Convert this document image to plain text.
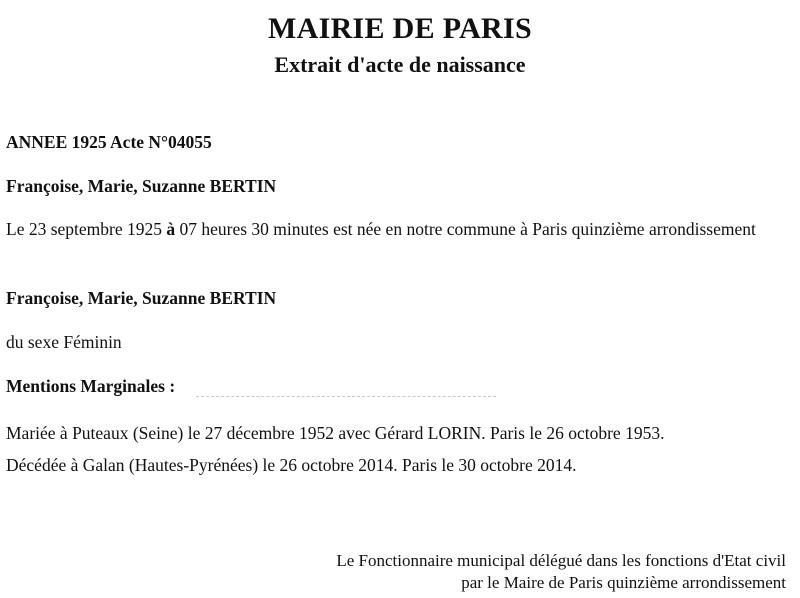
MAIRIE DE PARIS
Extrait d'acte de naissance
ANNEE 1925 Acte N°04055
Françoise, Marie, Suzanne BERTIN
Le 23 septembre 1925 à 07 heures 30 minutes est née en notre commune à Paris quinzième arrondissement
Françoise, Marie, Suzanne BERTIN
du sexe Féminin
Mentions Marginales :
Mariée à Puteaux (Seine) le 27 décembre 1952 avec Gérard LORIN. Paris le 26 octobre 1953.
Décédée à Galan (Hautes-Pyrénées) le 26 octobre 2014. Paris le 30 octobre 2014.
Le Fonctionnaire municipal délégué dans les fonctions d'Etat civil
par le Maire de Paris quinzième arrondissement
